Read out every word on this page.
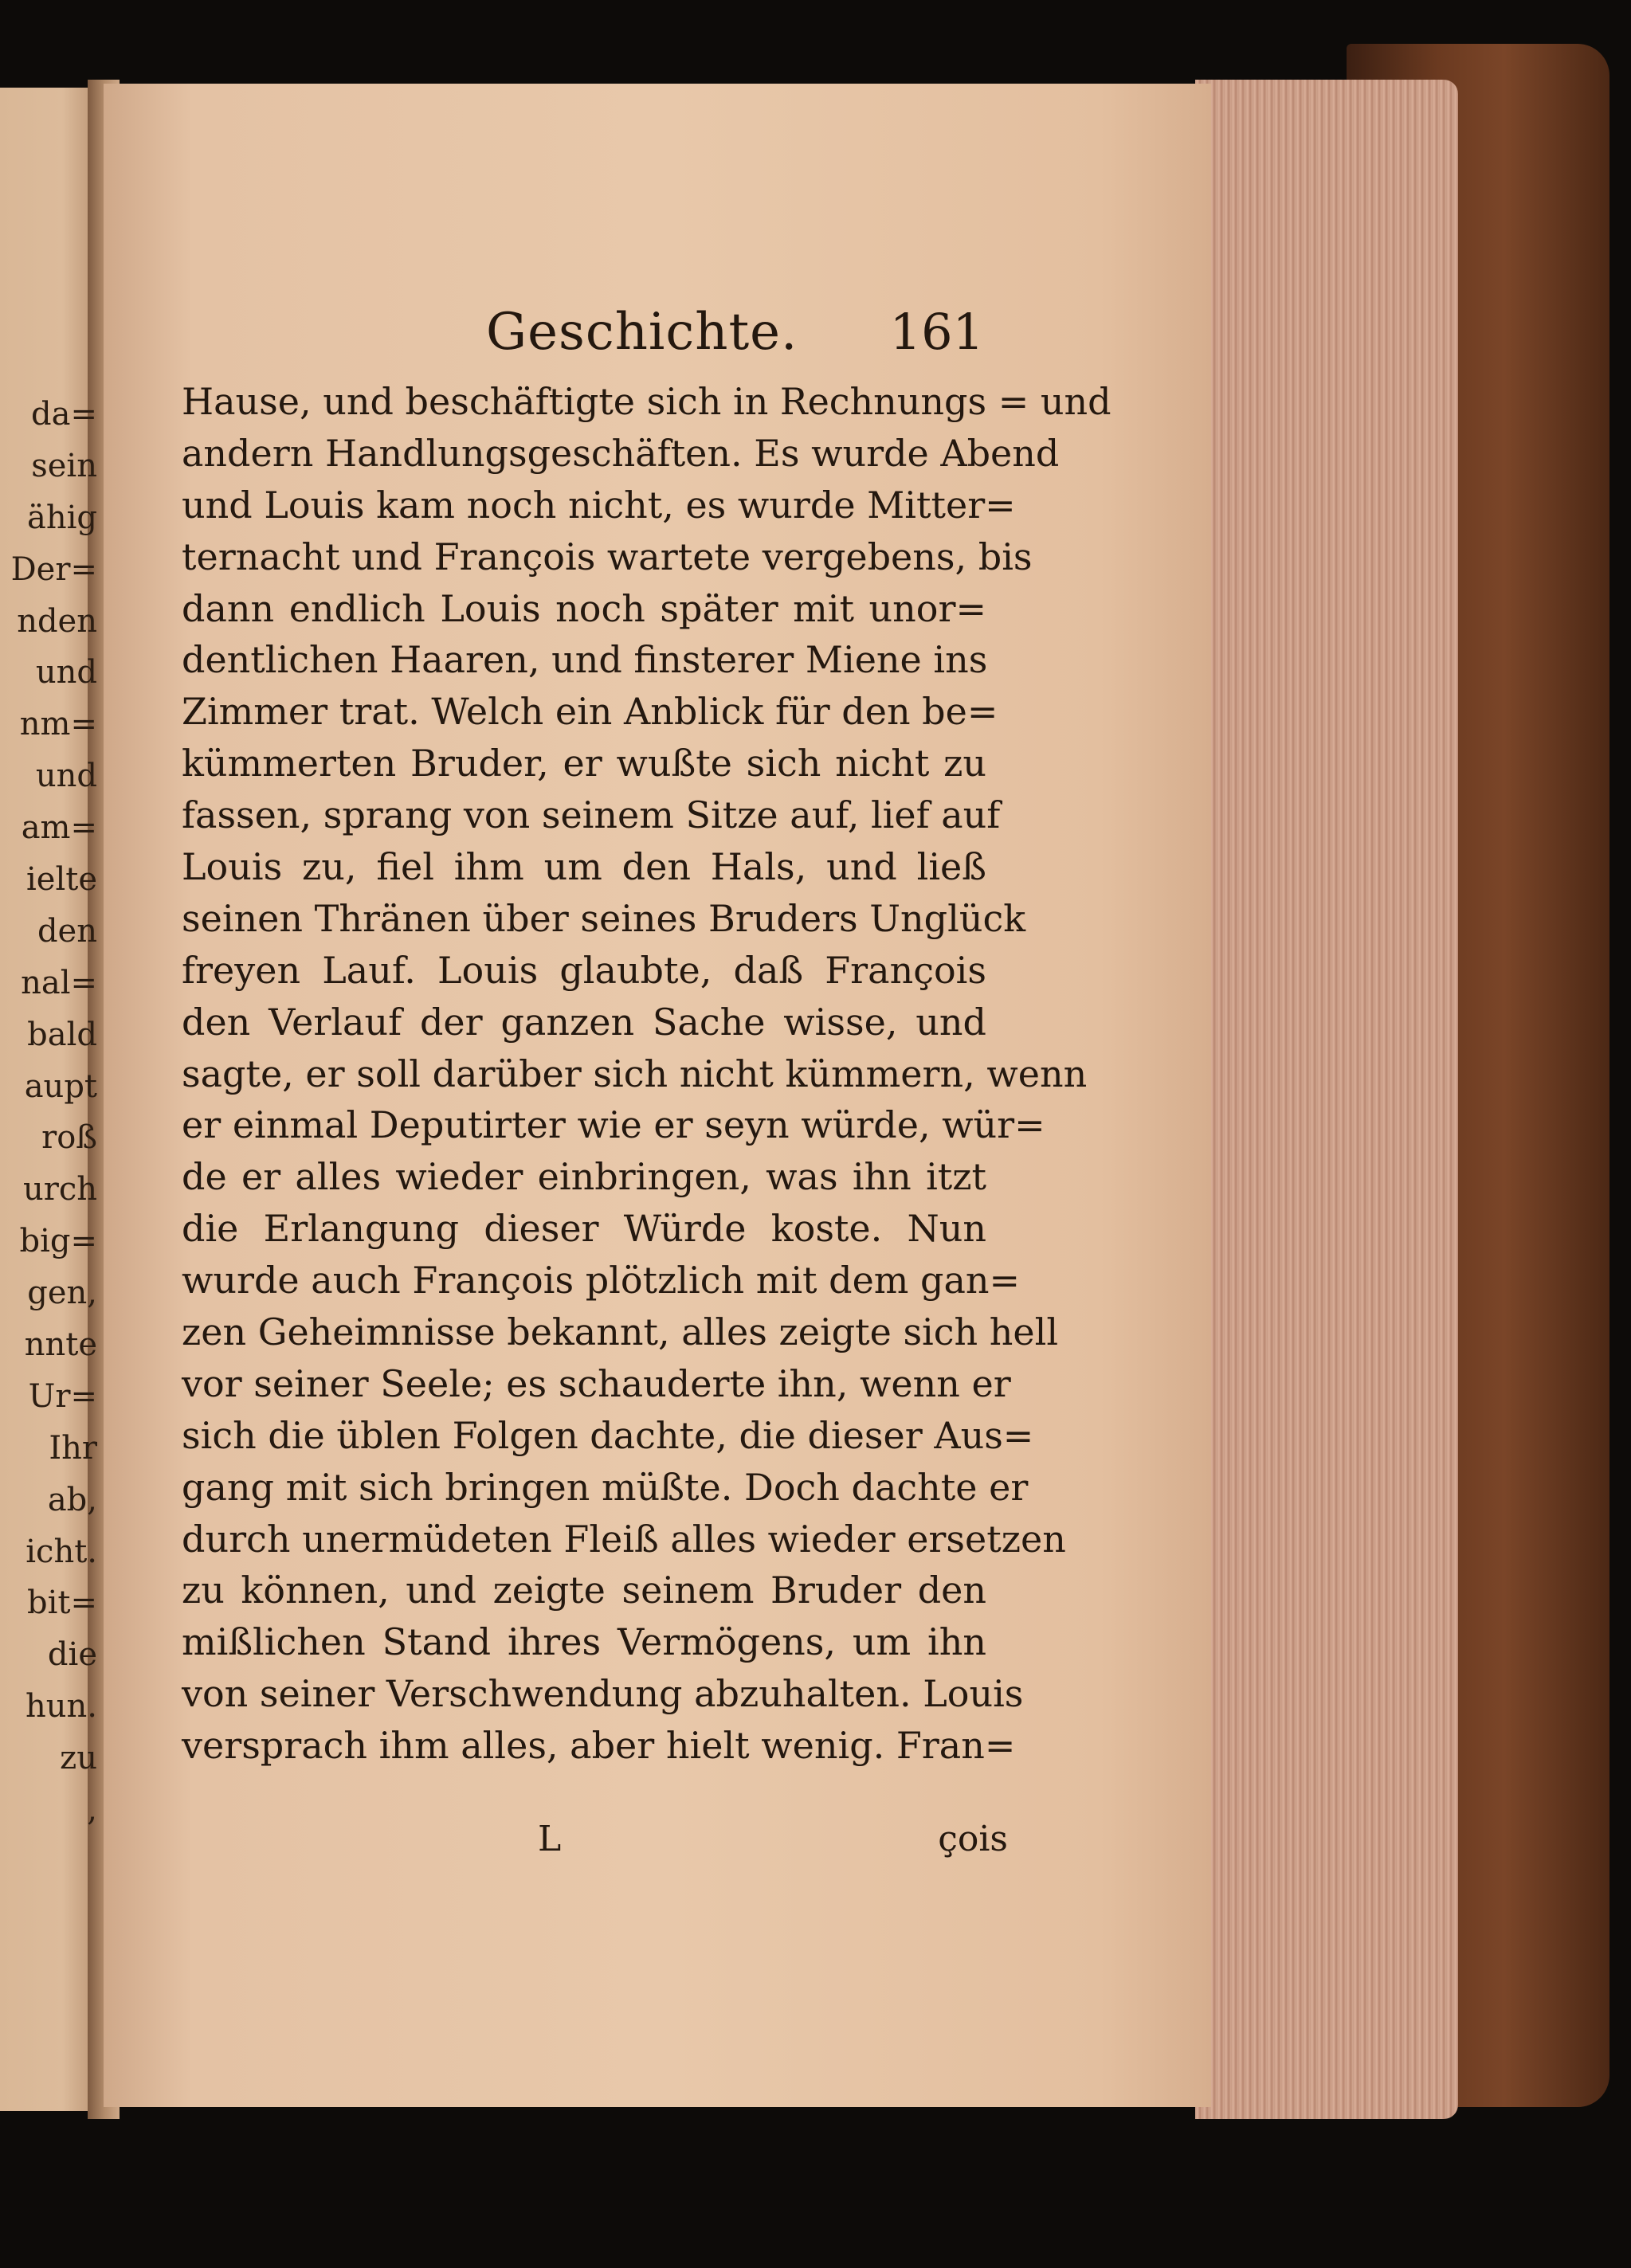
da=
sein
ähig
Der=
nden
und
nm=
und
am=
ielte
den
nal=
bald
aupt
roß
urch
big=
gen,
nnte
Ur=
Ihr
ab,
icht.
bit=
die
hun.
zu
,
Geschichte. 161
Hause, und beschäftigte sich in Rechnungs = und
andern Handlungsgeschäften. Es wurde Abend
und Louis kam noch nicht, es wurde Mitter=
ternacht und François wartete vergebens, bis
dann endlich Louis noch später mit unor=
dentlichen Haaren, und finsterer Miene ins
Zimmer trat. Welch ein Anblick für den be=
kümmerten Bruder, er wußte sich nicht zu
fassen, sprang von seinem Sitze auf, lief auf
Louis zu, fiel ihm um den Hals, und ließ
seinen Thränen über seines Bruders Unglück
freyen Lauf. Louis glaubte, daß François
den Verlauf der ganzen Sache wisse, und
sagte, er soll darüber sich nicht kümmern, wenn
er einmal Deputirter wie er seyn würde, wür=
de er alles wieder einbringen, was ihn itzt
die Erlangung dieser Würde koste. Nun
wurde auch François plötzlich mit dem gan=
zen Geheimnisse bekannt, alles zeigte sich hell
vor seiner Seele; es schauderte ihn, wenn er
sich die üblen Folgen dachte, die dieser Aus=
gang mit sich bringen müßte. Doch dachte er
durch unermüdeten Fleiß alles wieder ersetzen
zu können, und zeigte seinem Bruder den
mißlichen Stand ihres Vermögens, um ihn
von seiner Verschwendung abzuhalten. Louis
versprach ihm alles, aber hielt wenig. Fran=
L	çois
